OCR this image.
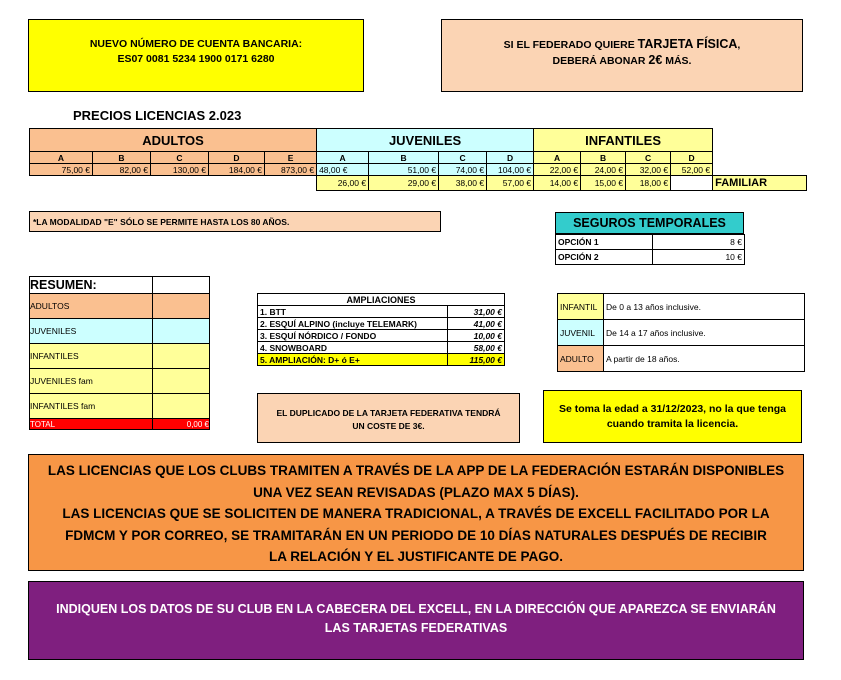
NUEVO NÚMERO DE CUENTA BANCARIA:
ES07 0081 5234 1900 0171 6280
SI EL FEDERADO QUIERE TARJETA FÍSICA,
DEBERÁ ABONAR 2€ MÁS.
PRECIOS LICENCIAS 2.023
ADULTOS					JUVENILES				INFANTILES				
A	B	C	D	E	A	B	C	D	A	B	C	D	
75,00 €	82,00 €	130,00 €	184,00 €	873,00 €	48,00 €	51,00 €	74,00 €	104,00 €	22,00 €	24,00 €	32,00 €	52,00 €	
					26,00 €	29,00 €	38,00 €	57,00 €	14,00 €	15,00 €	18,00 €		FAMILIAR
*LA MODALIDAD "E" SÓLO SE PERMITE HASTA LOS 80 AÑOS.	SEGUROS TEMPORALES
OPCIÓN 1	8 €
OPCIÓN 2	10 €
RESUMEN:	
ADULTOS	
JUVENILES	
INFANTILES	
JUVENILES fam	
INFANTILES fam	
TOTAL	0,00 €
AMPLIACIONES	
1. BTT	31,00 €
2. ESQUÍ ALPINO (incluye TELEMARK)	41,00 €
3. ESQUÍ NÓRDICO / FONDO	10,00 €
4. SNOWBOARD	58,00 €
5. AMPLIACIÓN: D+ ó E+	115,00 €
INFANTIL	De 0 a 13 años inclusive.
JUVENIL	De 14 a 17 años inclusive.
ADULTO	A partir de 18 años.
EL DUPLICADO DE LA TARJETA FEDERATIVA TENDRÁ UN COSTE DE 3€.
Se toma la edad a 31/12/2023, no la que tenga cuando tramita la licencia.
LAS LICENCIAS QUE LOS CLUBS TRAMITEN A TRAVÉS DE LA APP DE LA FEDERACIÓN ESTARÁN DISPONIBLES
UNA VEZ SEAN REVISADAS (PLAZO MAX 5 DÍAS).
LAS LICENCIAS QUE SE SOLICITEN DE MANERA TRADICIONAL, A TRAVÉS DE EXCELL FACILITADO POR LA
FDMCM Y POR CORREO, SE TRAMITARÁN EN UN PERIODO DE 10 DÍAS NATURALES DESPUÉS DE RECIBIR
LA RELACIÓN Y EL JUSTIFICANTE DE PAGO.
INDIQUEN LOS DATOS DE SU CLUB EN LA CABECERA DEL EXCELL, EN LA DIRECCIÓN QUE APAREZCA SE ENVIARÁN LAS TARJETAS FEDERATIVAS
